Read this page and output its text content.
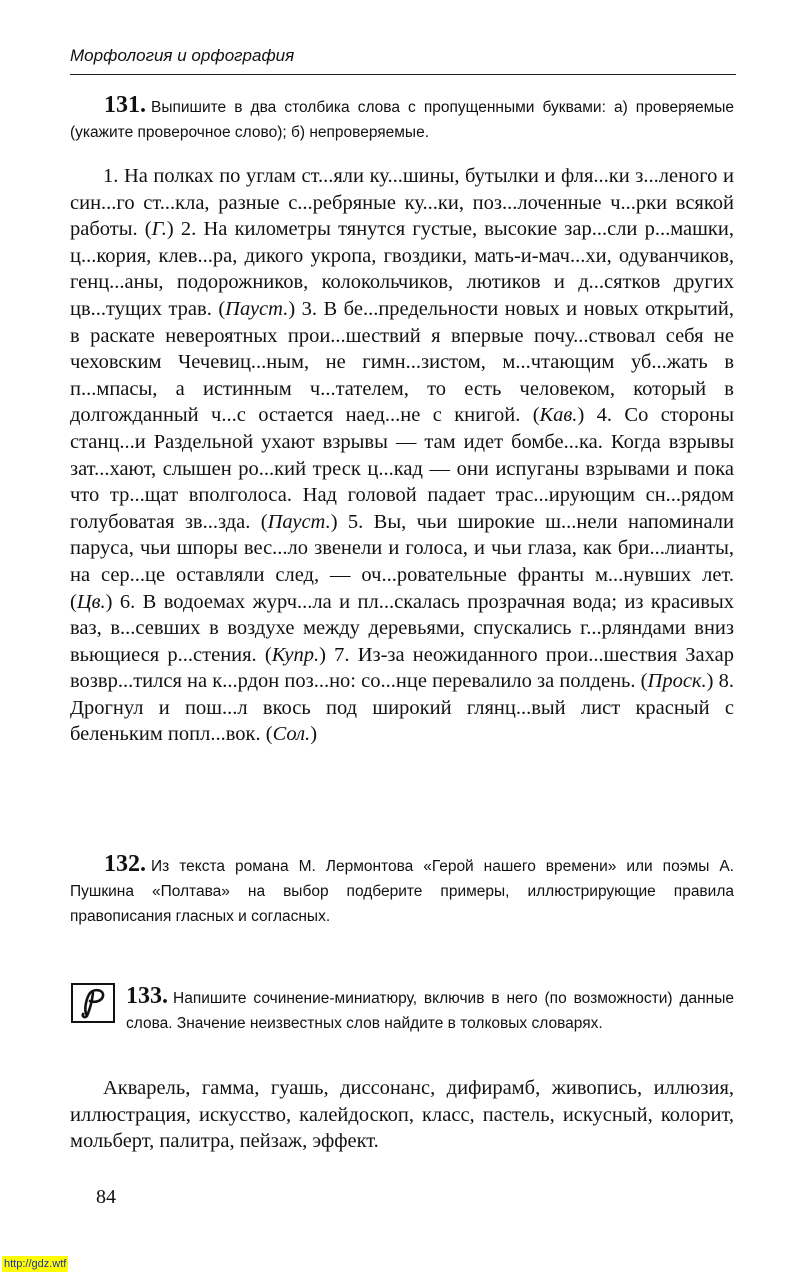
Морфология и орфография
131. Выпишите в два столбика слова с пропущенными буквами: а) проверяемые (укажите проверочное слово); б) непроверяемые.
1. На полках по углам ст...яли ку...шины, бутылки и фля...ки з...леного и син...го ст...кла, разные с...ребряные ку...ки, поз...лоченные ч...рки всякой работы. (Г.) 2. На километры тянутся густые, высокие зар...сли р...машки, ц...кория, клев...ра, дикого укропа, гвоздики, мать-и-мач...хи, одуванчиков, генц...аны, подорожников, колокольчиков, лютиков и д...сятков других цв...тущих трав. (Пауст.) 3. В бе...предельности новых и новых открытий, в раскате невероятных прои...шествий я впервые почу...ствовал себя не чеховским Чечевиц...ным, не гимн...зистом, м...чтающим уб...жать в п...мпасы, а истинным ч...тателем, то есть человеком, который в долгожданный ч...с остается наед...не с книгой. (Кав.) 4. Со стороны станц...и Раздельной ухают взрывы — там идет бомбе...ка. Когда взрывы зат...хают, слышен ро...кий треск ц...кад — они испуганы взрывами и пока что тр...щат вполголоса. Над головой падает трас...ирующим сн...рядом голубоватая зв...зда. (Пауст.) 5. Вы, чьи широкие ш...нели напоминали паруса, чьи шпоры вес...ло звенели и голоса, и чьи глаза, как бри...лианты, на сер...це оставляли след, — оч...ровательные франты м...нувших лет. (Цв.) 6. В водоемах журч...ла и пл...скалась прозрачная вода; из красивых ваз, в...севших в воздухе между деревьями, спускались г...рляндами вниз вьющиеся р...стения. (Купр.) 7. Из-за неожиданного прои...шествия Захар возвр...тился на к...рдон поз...но: со...нце перевалило за полдень. (Проск.) 8. Дрогнул и пош...л вкось под широкий глянц...вый лист красный с беленьким попл...вок. (Сол.)
132. Из текста романа М. Лермонтова «Герой нашего времени» или поэмы А. Пушкина «Полтава» на выбор подберите примеры, иллюстрирующие правила правописания гласных и согласных.
133. Напишите сочинение-миниатюру, включив в него (по возможности) данные слова. Значение неизвестных слов найдите в толковых словарях.
Акварель, гамма, гуашь, диссонанс, дифирамб, живопись, иллюзия, иллюстрация, искусство, калейдоскоп, класс, пастель, искусный, колорит, мольберт, палитра, пейзаж, эффект.
84
http://gdz.wtf
